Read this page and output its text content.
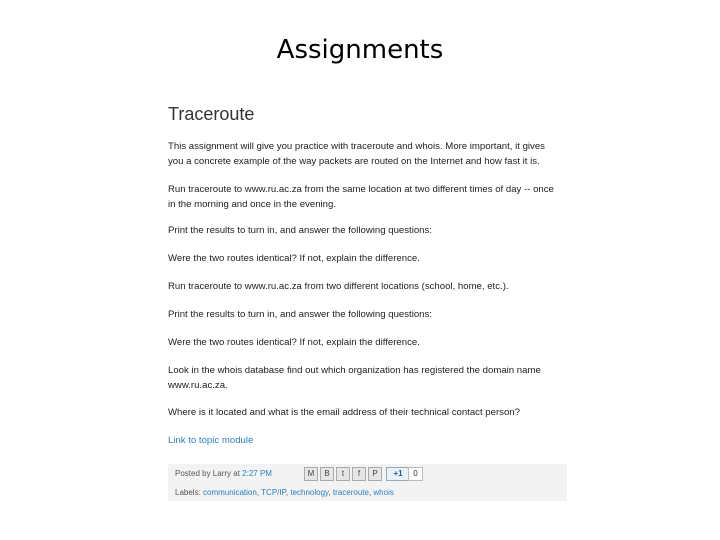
Assignments
Traceroute
This assignment will give you practice with traceroute and whois. More important, it gives you a concrete example of the way packets are routed on the Internet and how fast it is.
Run traceroute to www.ru.ac.za from the same location at two different times of day -- once in the morning and once in the evening.
Print the results to turn in, and answer the following questions:
Were the two routes identical? If not, explain the difference.
Run traceroute to www.ru.ac.za from two different locations (school, home, etc.).
Print the results to turn in, and answer the following questions:
Were the two routes identical? If not, explain the difference.
Look in the whois database find out which organization has registered the domain name www.ru.ac.za.
Where is it located and what is the email address of their technical contact person?
Link to topic module
Posted by Larry at 2:27 PM	M	B	t	f	P	+1	0
Labels: communication, TCP/IP, technology, traceroute, whois
